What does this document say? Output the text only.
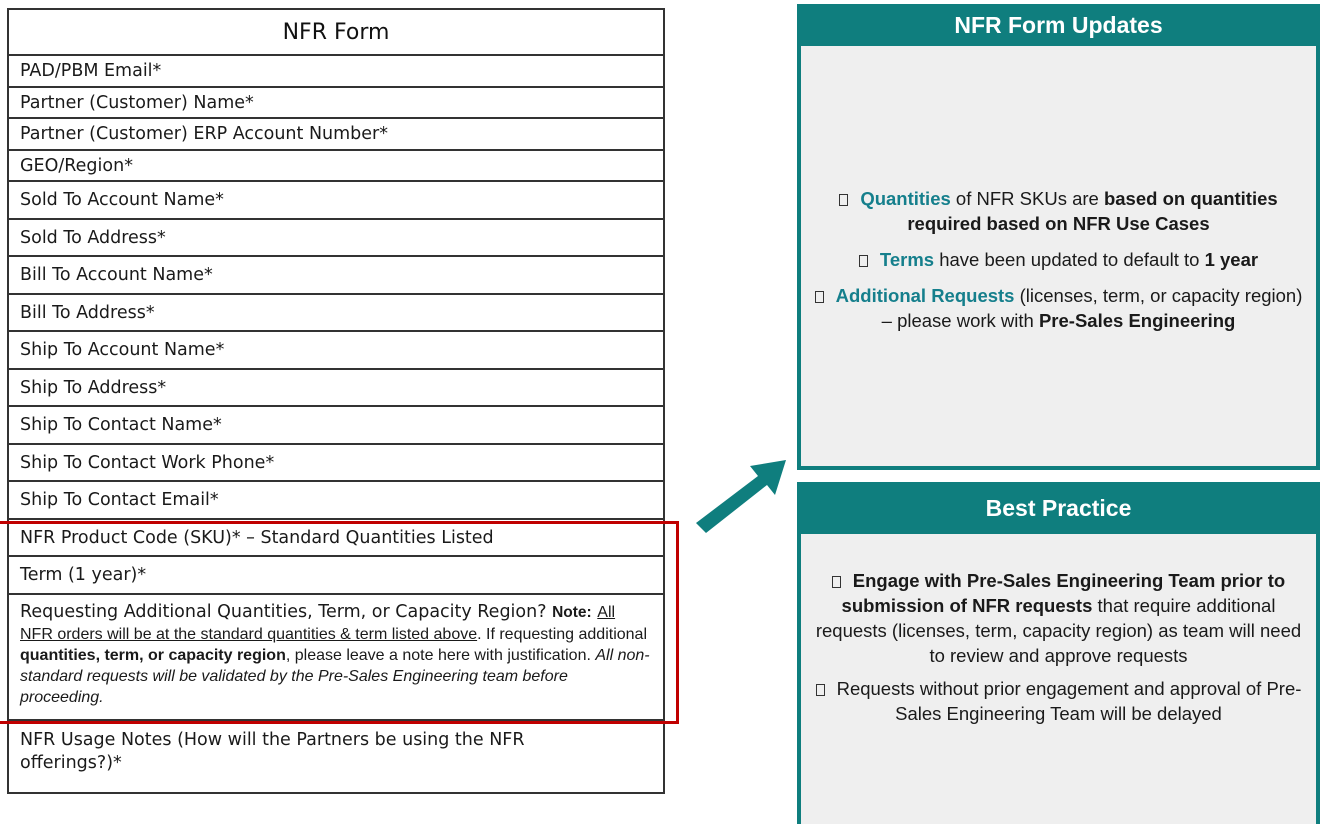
NFR Form
PAD/PBM Email*
Partner (Customer) Name*
Partner (Customer) ERP Account Number*
GEO/Region*
Sold To Account Name*
Sold To Address*
Bill To Account Name*
Bill To Address*
Ship To Account Name*
Ship To Address*
Ship To Contact Name*
Ship To Contact Work Phone*
Ship To Contact Email*
NFR Product Code (SKU)* – Standard Quantities Listed
Term (1 year)*
Requesting Additional Quantities, Term, or Capacity Region? Note: All
NFR orders will be at the standard quantities & term listed above. If requesting additional quantities, term, or capacity region, please leave a note here with justification. All non-standard requests will be validated by the Pre-Sales Engineering team before proceeding.
NFR Usage Notes (How will the Partners be using the NFR offerings?)*
NFR Form Updates
Quantities of NFR SKUs are based on quantities required based on NFR Use Cases
Terms have been updated to default to 1 year
Additional Requests (licenses, term, or capacity region) – please work with Pre-Sales Engineering
Best Practice
Engage with Pre-Sales Engineering Team prior to submission of NFR requests that require additional requests (licenses, term, capacity region) as team will need to review and approve requests
Requests without prior engagement and approval of Pre-Sales Engineering Team will be delayed
